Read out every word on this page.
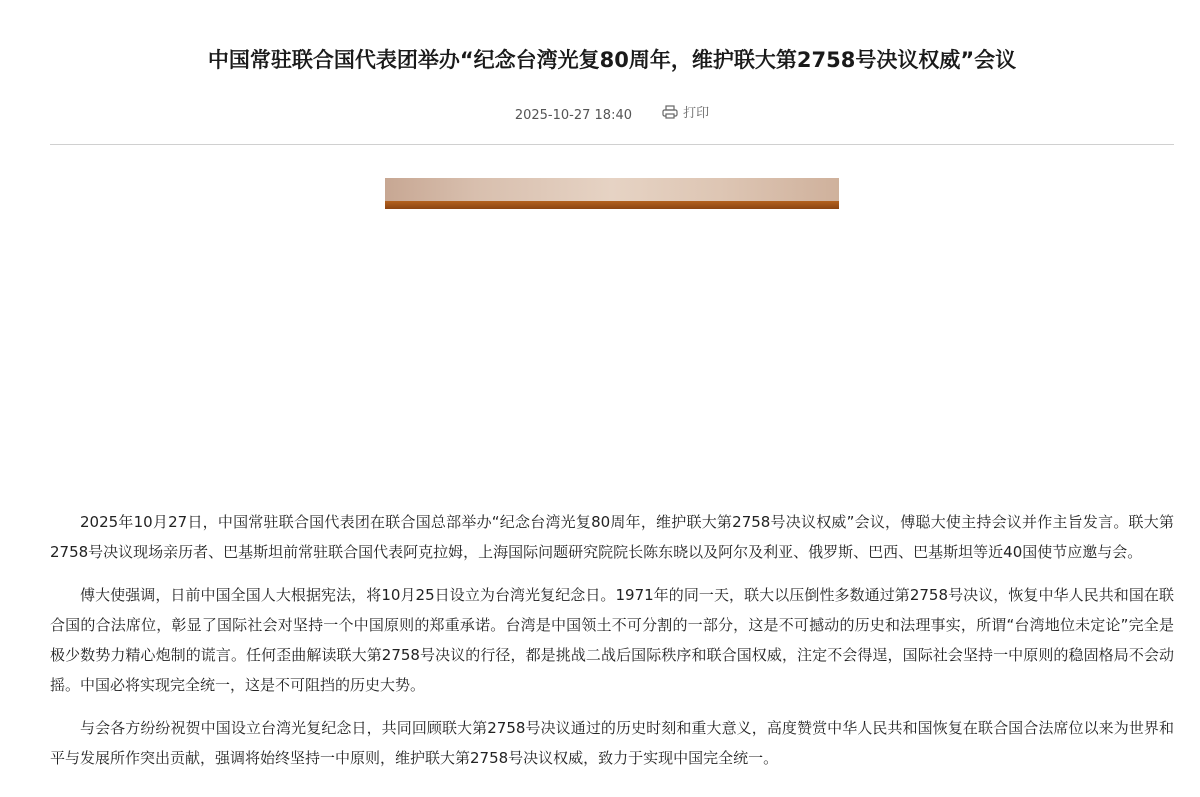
中国常驻联合国代表团举办“纪念台湾光复80周年，维护联大第2758号决议权威”会议
2025-10-27 18:40	打印

2025年10月27日，中国常驻联合国代表团在联合国总部举办“纪念台湾光复80周年，维护联大第2758号决议权威”会议，傅聪大使主持会议并作主旨发言。联大第2758号决议现场亲历者、巴基斯坦前常驻联合国代表阿克拉姆，上海国际问题研究院院长陈东晓以及阿尔及利亚、俄罗斯、巴西、巴基斯坦等近40国使节应邀与会。

傅大使强调，日前中国全国人大根据宪法，将10月25日设立为台湾光复纪念日。1971年的同一天，联大以压倒性多数通过第2758号决议，恢复中华人民共和国在联合国的合法席位，彰显了国际社会对坚持一个中国原则的郑重承诺。台湾是中国领土不可分割的一部分，这是不可撼动的历史和法理事实，所谓“台湾地位未定论”完全是极少数势力精心炮制的谎言。任何歪曲解读联大第2758号决议的行径，都是挑战二战后国际秩序和联合国权威，注定不会得逞，国际社会坚持一中原则的稳固格局不会动摇。中国必将实现完全统一，这是不可阻挡的历史大势。

与会各方纷纷祝贺中国设立台湾光复纪念日，共同回顾联大第2758号决议通过的历史时刻和重大意义，高度赞赏中华人民共和国恢复在联合国合法席位以来为世界和平与发展所作突出贡献，强调将始终坚持一中原则，维护联大第2758号决议权威，致力于实现中国完全统一。
